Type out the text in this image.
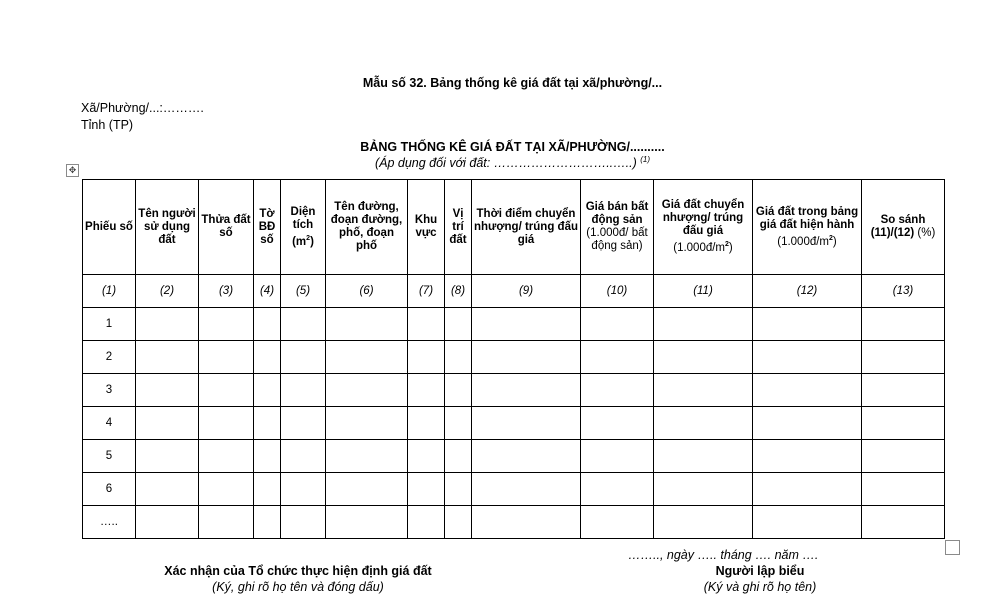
Mẫu số 32. Bảng thống kê giá đất tại xã/phường/...
Xã/Phường/...:……….
Tỉnh (TP)
BẢNG THỐNG KÊ GIÁ ĐẤT TẠI XÃ/PHƯỜNG/..........
(Áp dụng đối với đất: ………………………..…..) $^{(1)}$
✥
Phiếu số	Tên người sử dụng đất	Thửa đất số	Tờ BĐ số	Diện tích $(m^2)$	Tên đường, đoạn đường, phố, đoạn phố	Khu vực	Vị trí đất	Thời điểm chuyển nhượng/ trúng đấu giá	Giá bán bất động sản (1.000đ/ bất động sản)	Giá đất chuyển nhượng/ trúng đấu giá $(1.000đ/m^2)$	Giá đất trong bảng giá đất hiện hành $(1.000đ/m^2)$	So sánh (11)/(12) (%)
(1)	(2)	(3)	(4)	(5)	(6)	(7)	(8)	(9)	(10)	(11)	(12)	(13)
1												
2												
3												
4												
5												
6												
…..												
…….., ngày ….. tháng …. năm ….
Xác nhận của Tổ chức thực hiện định giá đất
(Ký, ghi rõ họ tên và đóng dấu)
Người lập biểu
(Ký và ghi rõ họ tên)
